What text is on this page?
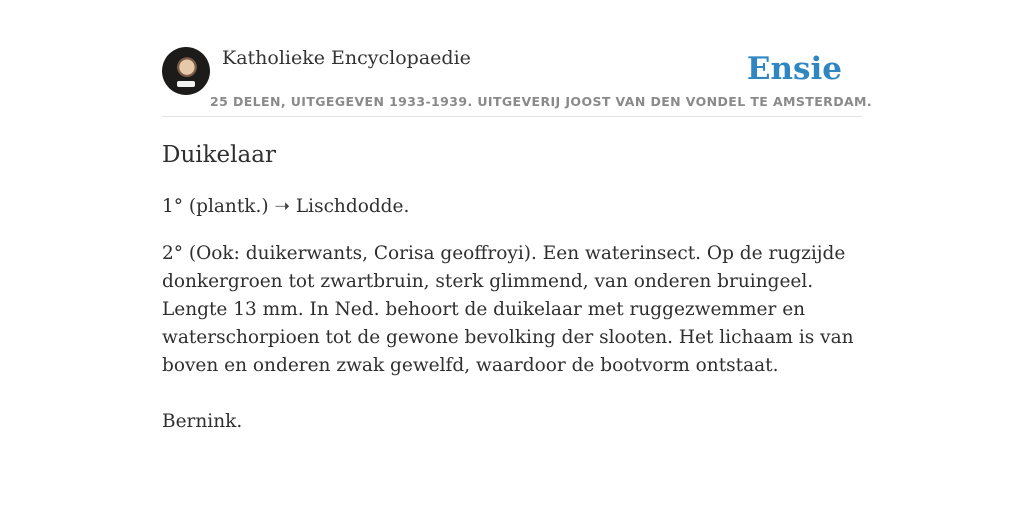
Katholieke Encyclopaedie
25 DELEN, UITGEGEVEN 1933-1939. UITGEVERIJ JOOST VAN DEN VONDEL TE AMSTERDAM.
Ensie
Duikelaar

1° (plantk.) ➝ Lischdodde.

2° (Ook: duikerwants, Corisa geoffroyi). Een waterinsect. Op de rugzijde donkergroen tot zwartbruin, sterk glimmend, van onderen bruingeel. Lengte 13 mm. In Ned. behoort de duikelaar met ruggezwemmer en waterschorpioen tot de gewone bevolking der slooten. Het lichaam is van boven en onderen zwak gewelfd, waardoor de bootvorm ontstaat.

Bernink.
